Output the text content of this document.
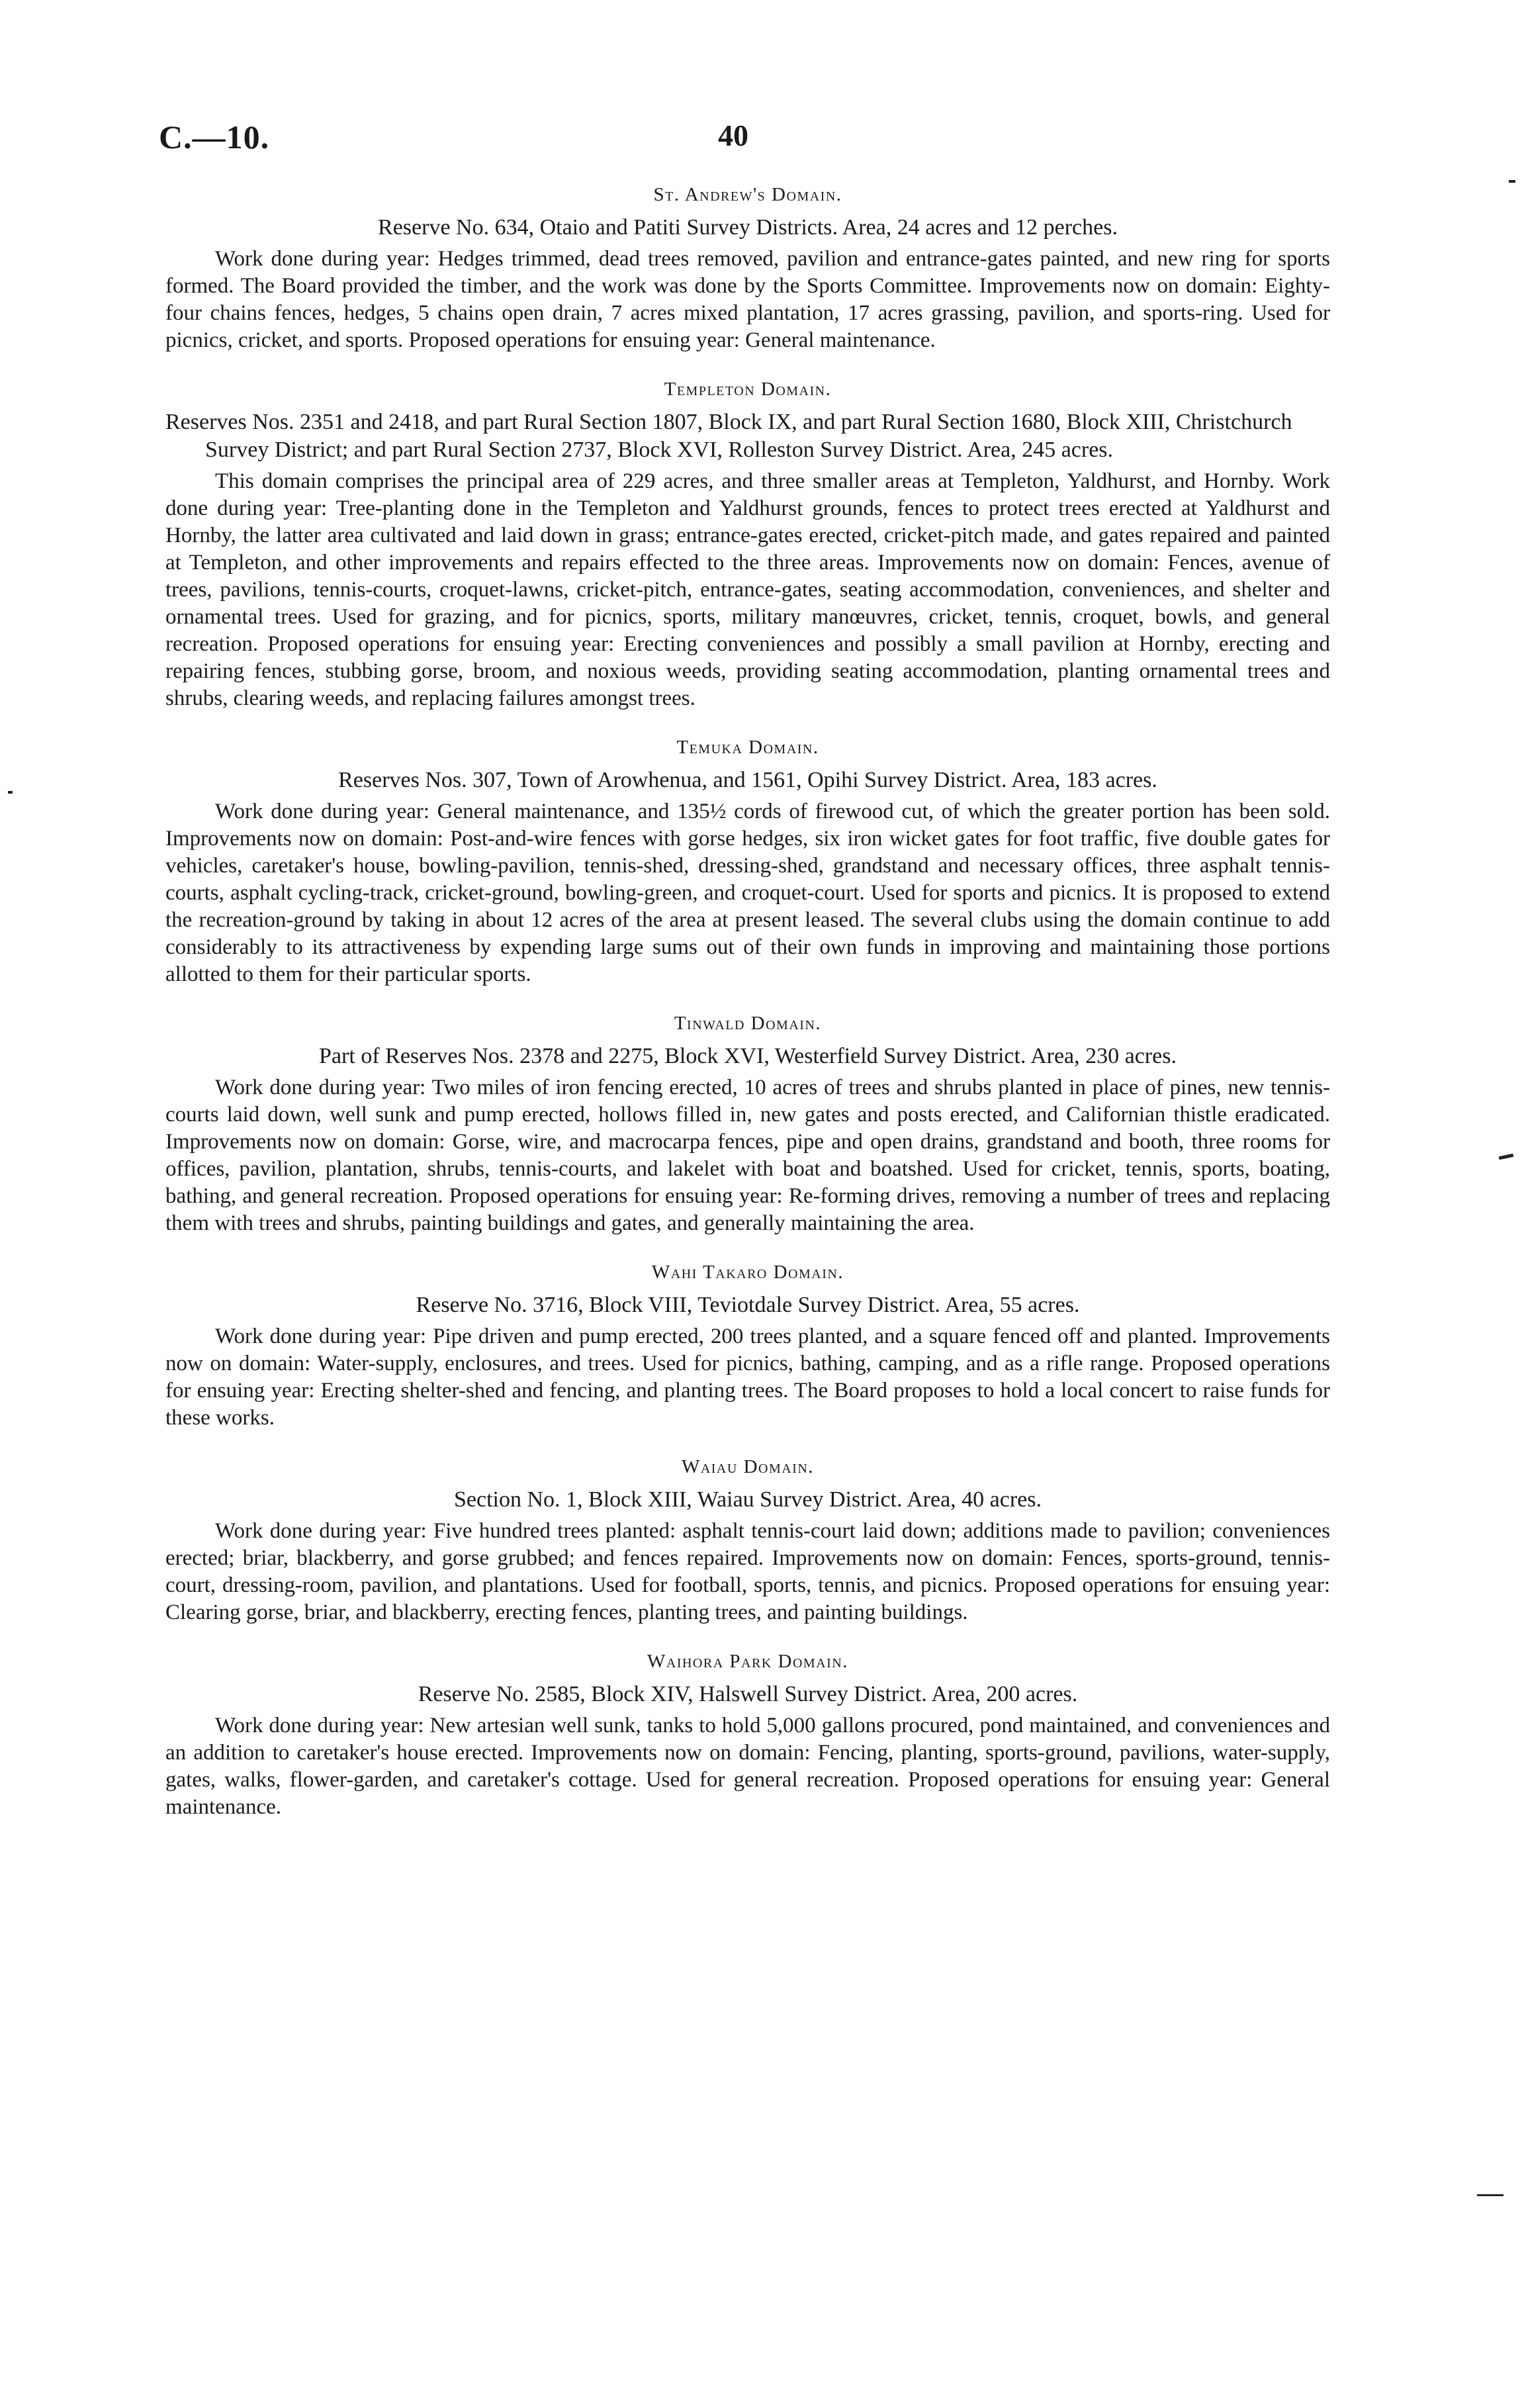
C.—10.	40
St. Andrew's Domain.
Reserve No. 634, Otaio and Patiti Survey Districts. Area, 24 acres and 12 perches.

Work done during year: Hedges trimmed, dead trees removed, pavilion and entrance-gates painted, and new ring for sports formed. The Board provided the timber, and the work was done by the Sports Committee. Improvements now on domain: Eighty-four chains fences, hedges, 5 chains open drain, 7 acres mixed plantation, 17 acres grassing, pavilion, and sports-ring. Used for picnics, cricket, and sports. Proposed operations for ensuing year: General maintenance.

Templeton Domain.
Reserves Nos. 2351 and 2418, and part Rural Section 1807, Block IX, and part Rural Section 1680, Block XIII, Christchurch Survey District; and part Rural Section 2737, Block XVI, Rolleston Survey District. Area, 245 acres.

This domain comprises the principal area of 229 acres, and three smaller areas at Templeton, Yaldhurst, and Hornby. Work done during year: Tree-planting done in the Templeton and Yaldhurst grounds, fences to protect trees erected at Yaldhurst and Hornby, the latter area cultivated and laid down in grass; entrance-gates erected, cricket-pitch made, and gates repaired and painted at Templeton, and other improvements and repairs effected to the three areas. Improvements now on domain: Fences, avenue of trees, pavilions, tennis-courts, croquet-lawns, cricket-pitch, entrance-gates, seating accommodation, conveniences, and shelter and ornamental trees. Used for grazing, and for picnics, sports, military manœuvres, cricket, tennis, croquet, bowls, and general recreation. Proposed operations for ensuing year: Erecting conveniences and possibly a small pavilion at Hornby, erecting and repairing fences, stubbing gorse, broom, and noxious weeds, providing seating accommodation, planting ornamental trees and shrubs, clearing weeds, and replacing failures amongst trees.

Temuka Domain.
Reserves Nos. 307, Town of Arowhenua, and 1561, Opihi Survey District. Area, 183 acres.

Work done during year: General maintenance, and 135½ cords of firewood cut, of which the greater portion has been sold. Improvements now on domain: Post-and-wire fences with gorse hedges, six iron wicket gates for foot traffic, five double gates for vehicles, caretaker's house, bowling-pavilion, tennis-shed, dressing-shed, grandstand and necessary offices, three asphalt tennis-courts, asphalt cycling-track, cricket-ground, bowling-green, and croquet-court. Used for sports and picnics. It is proposed to extend the recreation-ground by taking in about 12 acres of the area at present leased. The several clubs using the domain continue to add considerably to its attractiveness by expending large sums out of their own funds in improving and maintaining those portions allotted to them for their particular sports.

Tinwald Domain.
Part of Reserves Nos. 2378 and 2275, Block XVI, Westerfield Survey District. Area, 230 acres.

Work done during year: Two miles of iron fencing erected, 10 acres of trees and shrubs planted in place of pines, new tennis-courts laid down, well sunk and pump erected, hollows filled in, new gates and posts erected, and Californian thistle eradicated. Improvements now on domain: Gorse, wire, and macrocarpa fences, pipe and open drains, grandstand and booth, three rooms for offices, pavilion, plantation, shrubs, tennis-courts, and lakelet with boat and boatshed. Used for cricket, tennis, sports, boating, bathing, and general recreation. Proposed operations for ensuing year: Re-forming drives, removing a number of trees and replacing them with trees and shrubs, painting buildings and gates, and generally maintaining the area.

Wahi Takaro Domain.
Reserve No. 3716, Block VIII, Teviotdale Survey District. Area, 55 acres.

Work done during year: Pipe driven and pump erected, 200 trees planted, and a square fenced off and planted. Improvements now on domain: Water-supply, enclosures, and trees. Used for picnics, bathing, camping, and as a rifle range. Proposed operations for ensuing year: Erecting shelter-shed and fencing, and planting trees. The Board proposes to hold a local concert to raise funds for these works.

Waiau Domain.
Section No. 1, Block XIII, Waiau Survey District. Area, 40 acres.

Work done during year: Five hundred trees planted: asphalt tennis-court laid down; additions made to pavilion; conveniences erected; briar, blackberry, and gorse grubbed; and fences repaired. Improvements now on domain: Fences, sports-ground, tennis-court, dressing-room, pavilion, and plantations. Used for football, sports, tennis, and picnics. Proposed operations for ensuing year: Clearing gorse, briar, and blackberry, erecting fences, planting trees, and painting buildings.

Waihora Park Domain.
Reserve No. 2585, Block XIV, Halswell Survey District. Area, 200 acres.

Work done during year: New artesian well sunk, tanks to hold 5,000 gallons procured, pond maintained, and conveniences and an addition to caretaker's house erected. Improvements now on domain: Fencing, planting, sports-ground, pavilions, water-supply, gates, walks, flower-garden, and caretaker's cottage. Used for general recreation. Proposed operations for ensuing year: General maintenance.
